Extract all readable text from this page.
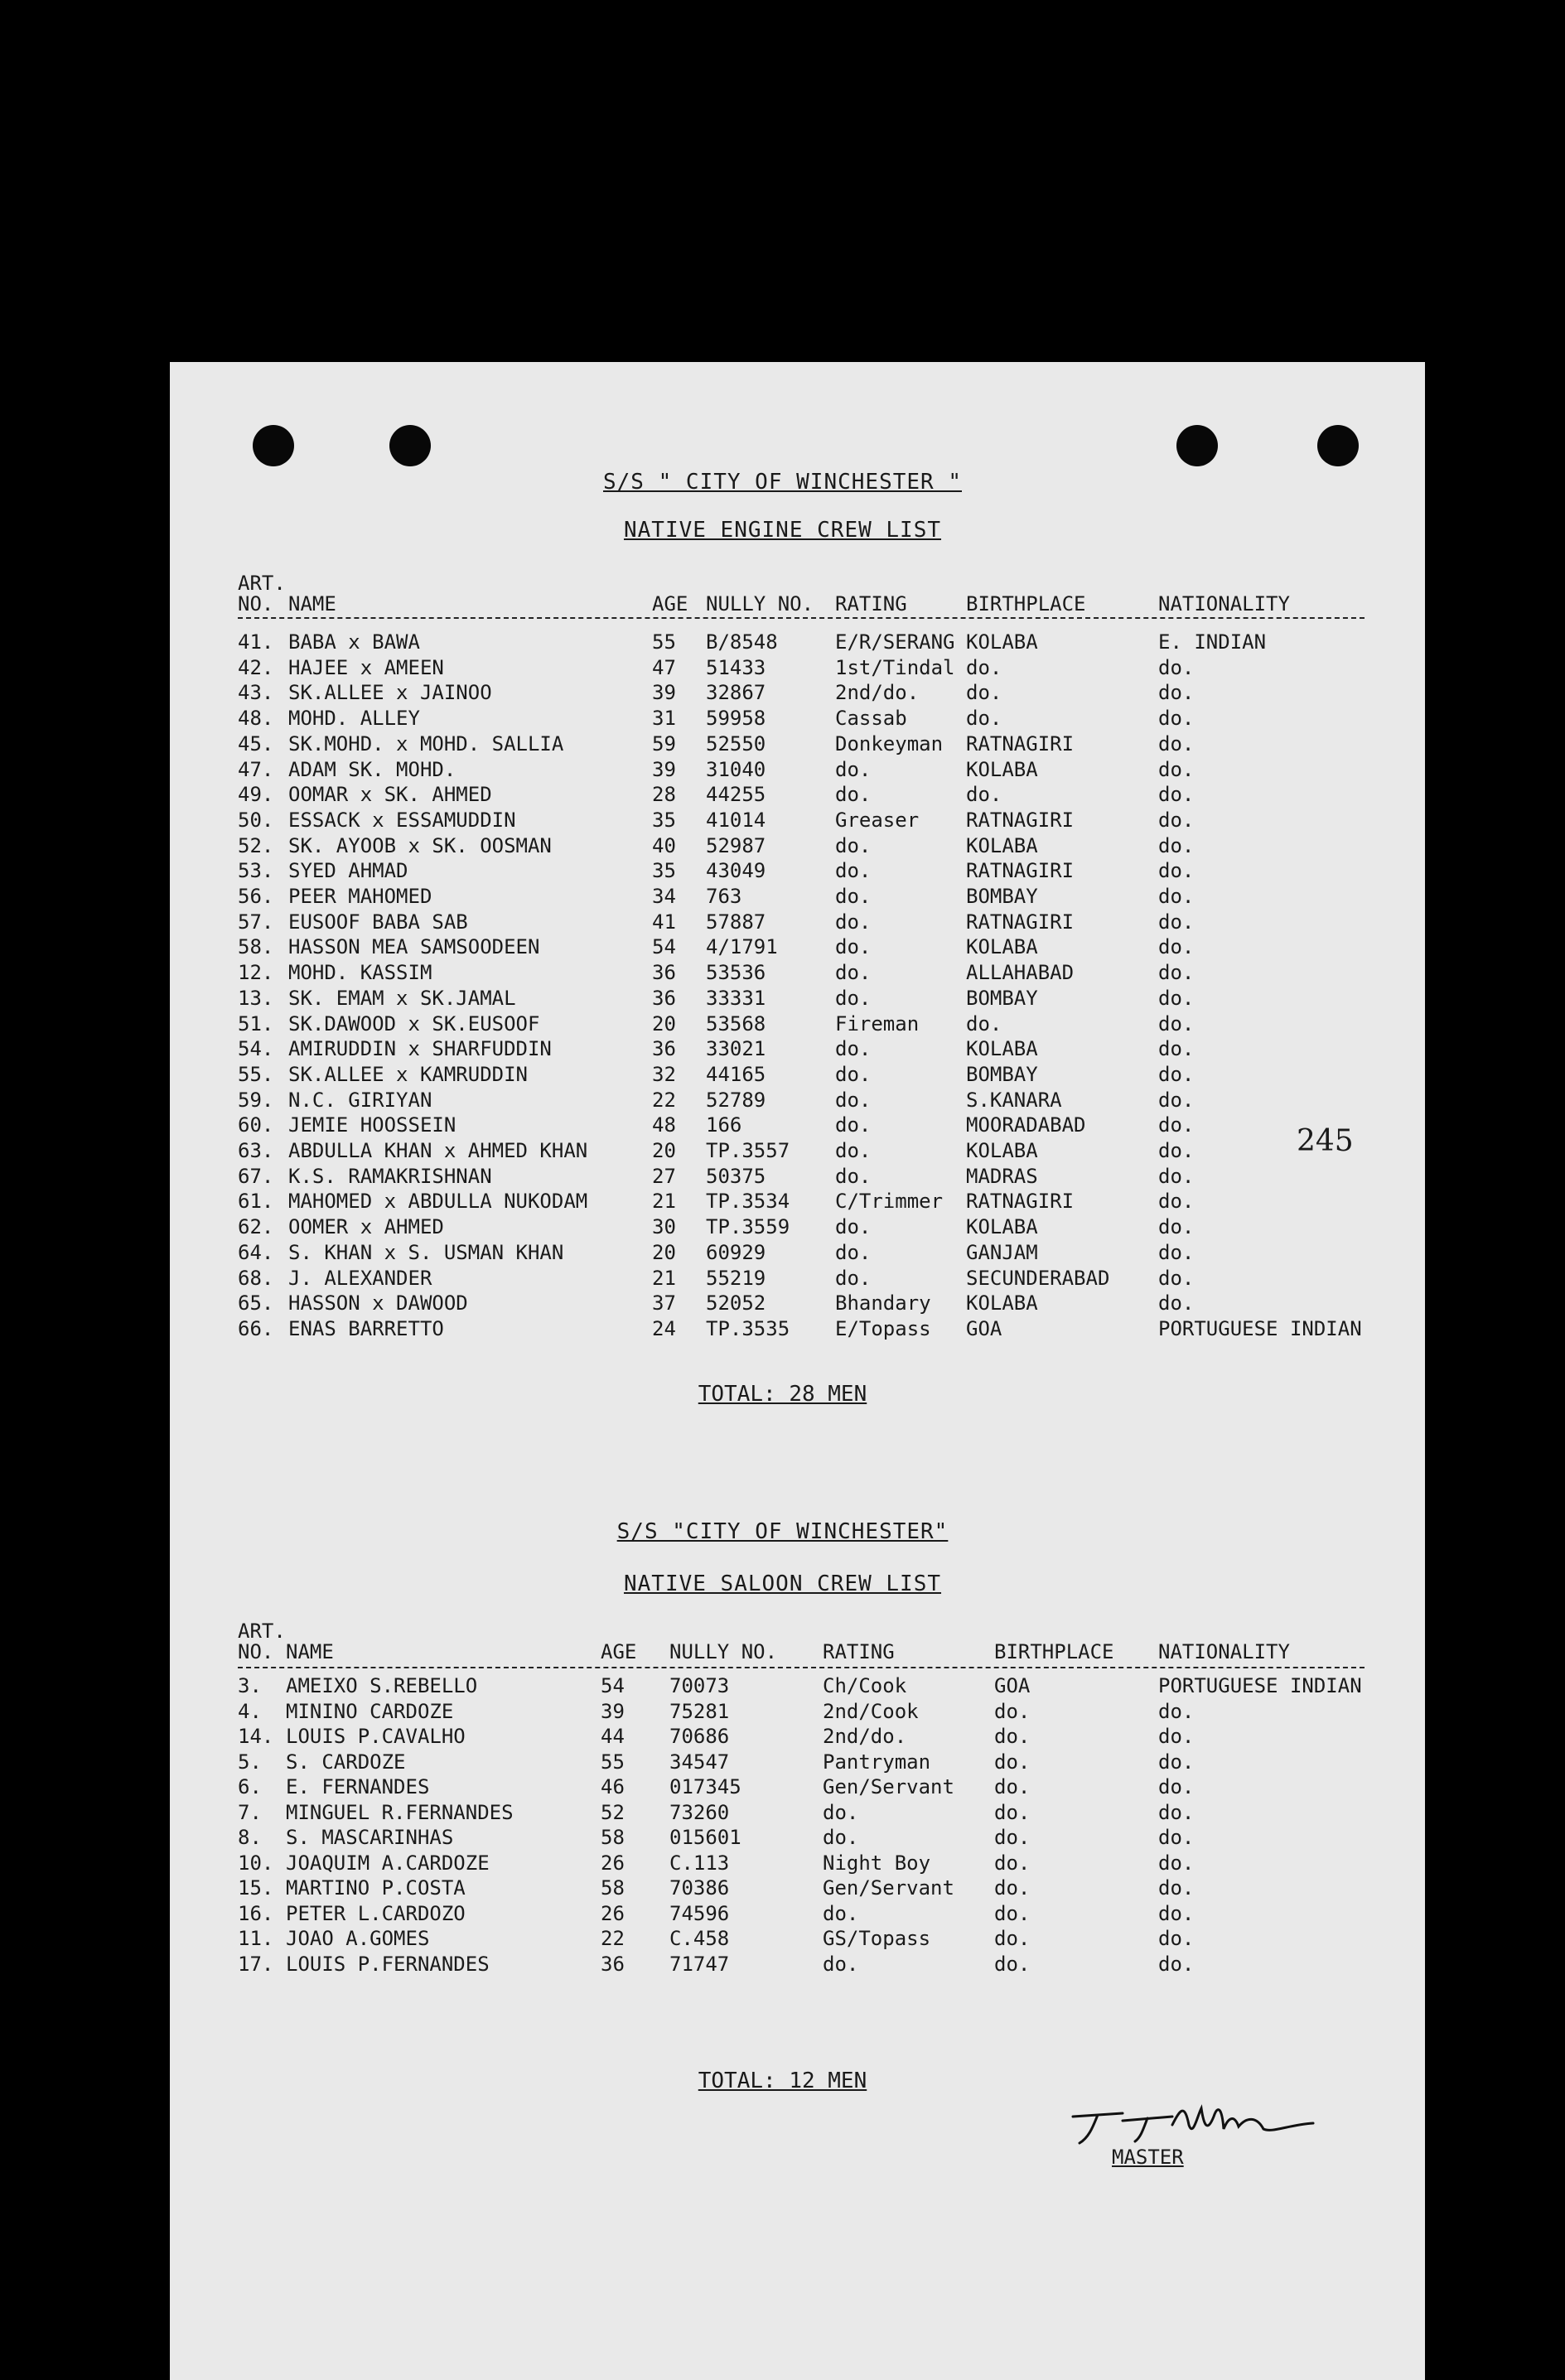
245
S/S " CITY OF WINCHESTER "
NATIVE ENGINE CREW LIST
ART.
NO. NAME	AGE NULLY NO. RATING	BIRTHPLACE	NATIONALITY
41. BABA x BAWA	55 B/8548	E/R/SERANG KOLABA	E. INDIAN
42. HAJEE x AMEEN	47 51433	1st/Tindal do.	do.
43. SK.ALLEE x JAINOO	39 32867	2nd/do. do.	do.
48. MOHD. ALLEY	31 59958	Cassab	do.	do.
45. SK.MOHD. x MOHD. SALLIA	59 52550	Donkeyman RATNAGIRI	do.
47. ADAM SK. MOHD.	39 31040	do.	KOLABA	do.
49. OOMAR x SK. AHMED	28 44255	do.	do.	do.
50. ESSACK x ESSAMUDDIN	35 41014	Greaser RATNAGIRI	do.
52. SK. AYOOB x SK. OOSMAN	40 52987	do.	KOLABA	do.
53. SYED AHMAD	35 43049	do.	RATNAGIRI	do.
56. PEER MAHOMED	34 763	do.	BOMBAY	do.
57. EUSOOF BABA SAB	41 57887	do.	RATNAGIRI	do.
58. HASSON MEA SAMSOODEEN	54 4/1791	do.	KOLABA	do.
12. MOHD. KASSIM	36 53536	do.	ALLAHABAD	do.
13. SK. EMAM x SK.JAMAL	36 33331	do.	BOMBAY	do.
51. SK.DAWOOD x SK.EUSOOF	20 53568	Fireman do.	do.
54. AMIRUDDIN x SHARFUDDIN	36 33021	do.	KOLABA	do.
55. SK.ALLEE x KAMRUDDIN	32 44165	do.	BOMBAY	do.
59. N.C. GIRIYAN	22 52789	do.	S.KANARA	do.
60. JEMIE HOOSSEIN	48 166	do.	MOORADABAD	do.
63. ABDULLA KHAN x AHMED KHAN	20 TP.3557 do.	KOLABA	do.
67. K.S. RAMAKRISHNAN	27 50375	do.	MADRAS	do.
61. MAHOMED x ABDULLA NUKODAM	21 TP.3534 C/Trimmer RATNAGIRI	do.
62. OOMER x AHMED	30 TP.3559 do.	KOLABA	do.
64. S. KHAN x S. USMAN KHAN	20 60929	do.	GANJAM	do.
68. J. ALEXANDER	21 55219	do.	SECUNDERABAD do.
65. HASSON x DAWOOD	37 52052	Bhandary KOLABA	do.
66. ENAS BARRETTO	24 TP.3535 E/Topass GOA	PORTUGUESE INDIAN
TOTAL: 28 MEN
S/S "CITY OF WINCHESTER"
NATIVE SALOON CREW LIST
ART.
NO. NAME	AGE NULLY NO. RATING	BIRTHPLACE NATIONALITY
3. AMEIXO S.REBELLO	54 70073	Ch/Cook	GOA	PORTUGUESE INDIAN
4. MININO CARDOZE	39 75281	2nd/Cook	do.	do.
14. LOUIS P.CAVALHO	44 70686	2nd/do.	do.	do.
5. S. CARDOZE	55 34547	Pantryman	do.	do.
6. E. FERNANDES	46 017345	Gen/Servant do.	do.
7. MINGUEL R.FERNANDES	52 73260	do.	do.	do.
8. S. MASCARINHAS	58 015601	do.	do.	do.
10. JOAQUIM A.CARDOZE	26 C.113	Night Boy	do.	do.
15. MARTINO P.COSTA	58 70386	Gen/Servant do.	do.
16. PETER L.CARDOZO	26 74596	do.	do.	do.
11. JOAO A.GOMES	22 C.458	GS/Topass	do.	do.
17. LOUIS P.FERNANDES	36 71747	do.	do.	do.
TOTAL: 12 MEN
MASTER
